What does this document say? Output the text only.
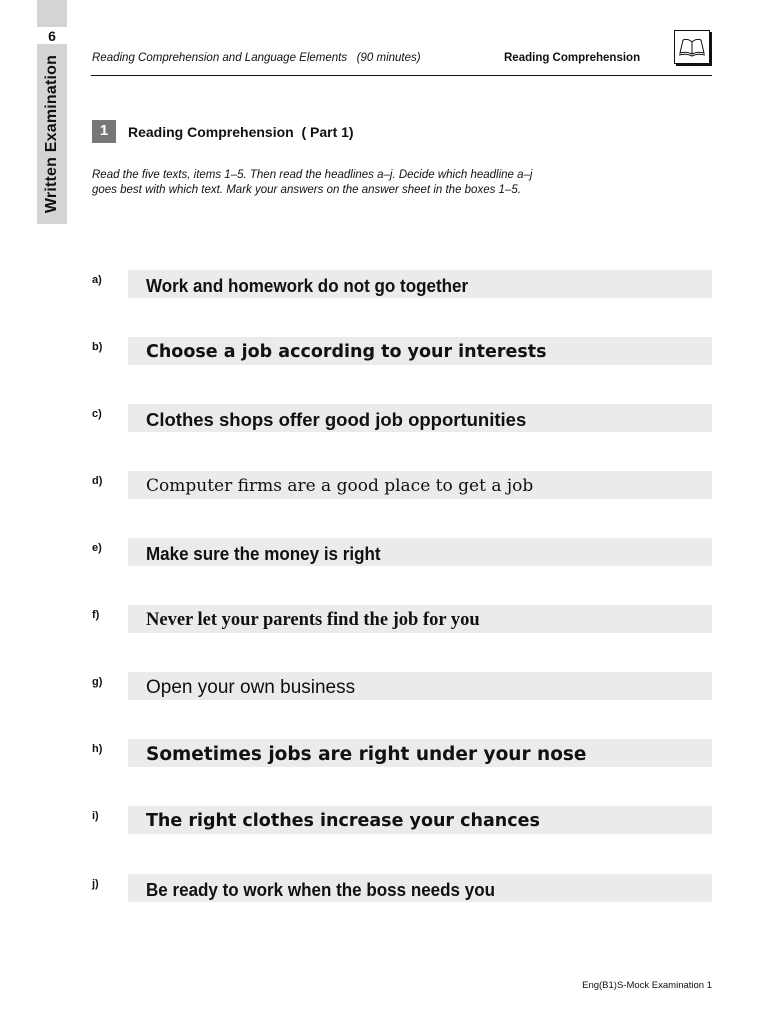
6
Written Examination	Reading Comprehension and Language Elements   (90 minutes)	Reading Comprehension
1	Reading Comprehension  ( Part 1)
Read the five texts, items 1–5. Then read the headlines a–j. Decide which headline a–j
goes best with which text. Mark your answers on the answer sheet in the boxes 1–5.
a) Work and homework do not go together
b) Choose a job according to your interests
c) Clothes shops offer good job opportunities
d)	Computer firms are a good place to get a job
e) Make sure the money is right
f)	Never let your parents find the job for you
g) Open your own business
h) Sometimes jobs are right under your nose
i)	The right clothes increase your chances
j)	Be ready to work when the boss needs you
Eng(B1)S-Mock Examination 1
